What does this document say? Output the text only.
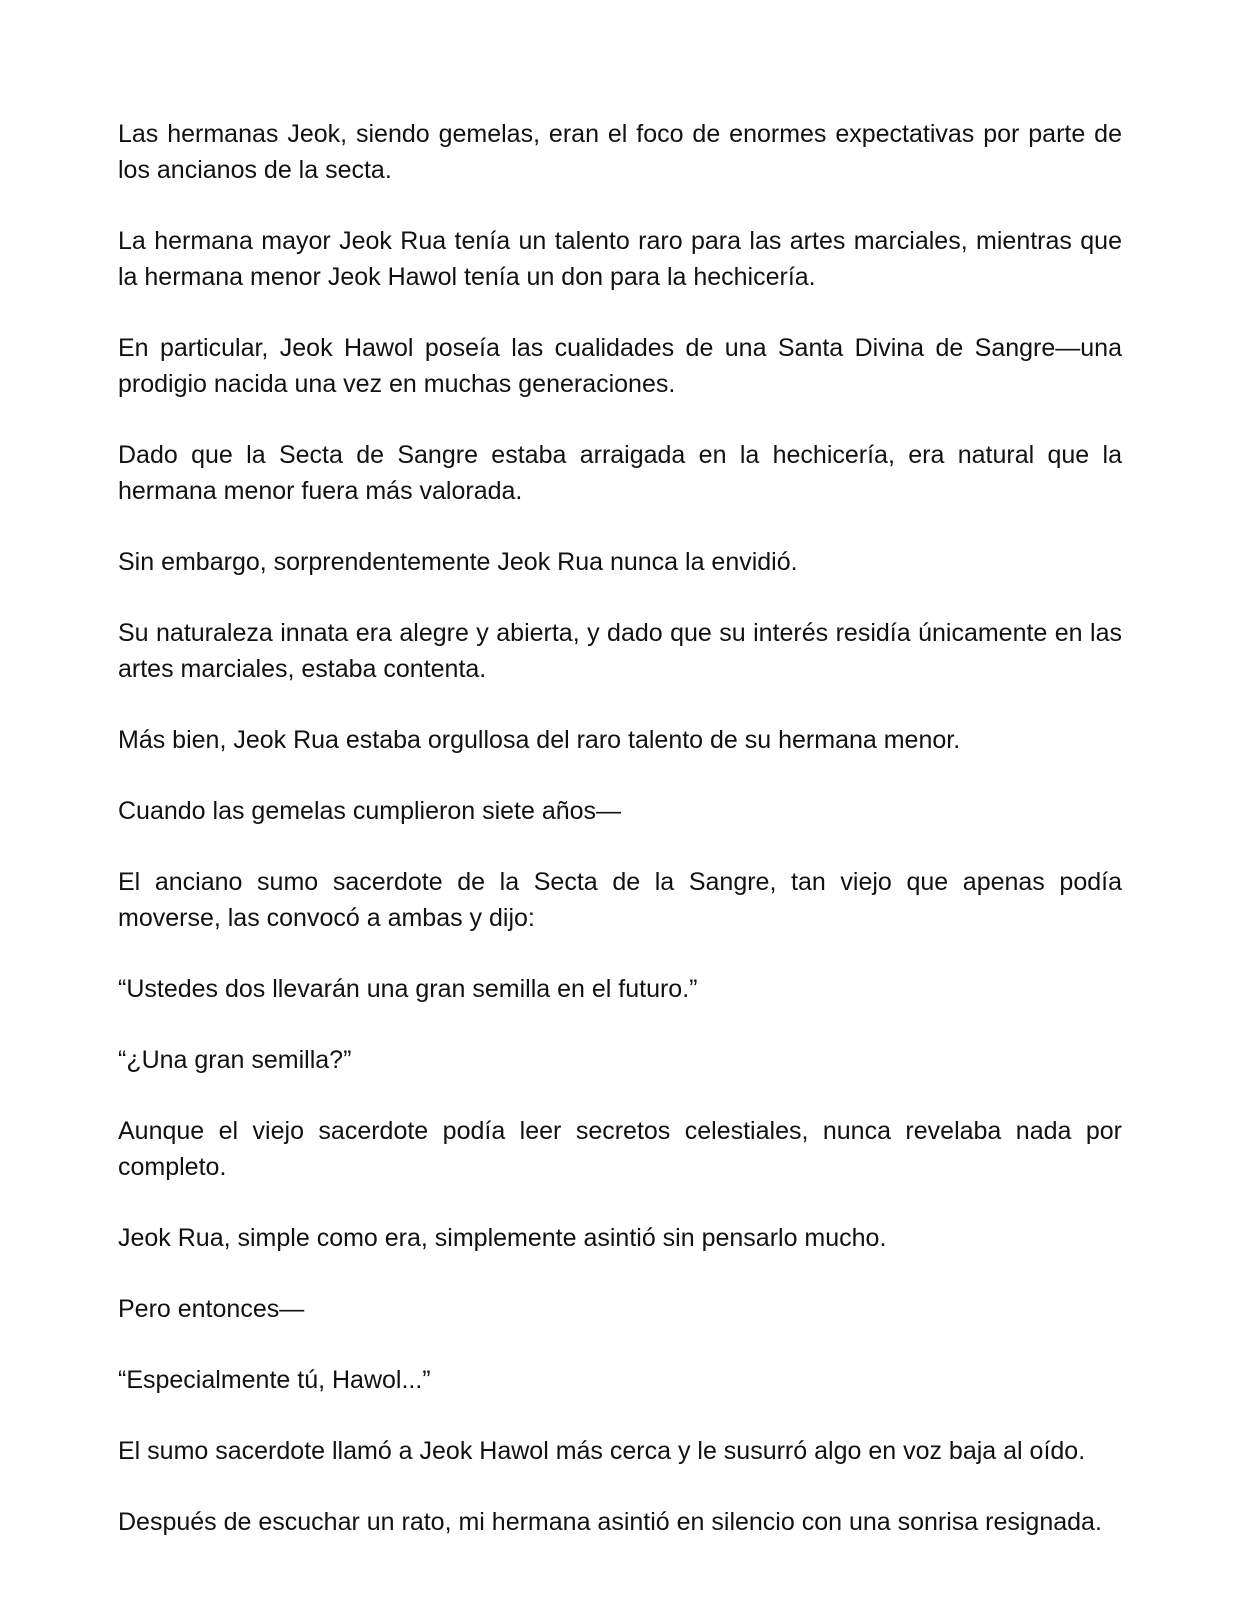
Las hermanas Jeok, siendo gemelas, eran el foco de enormes expectativas por parte de los ancianos de la secta.

La hermana mayor Jeok Rua tenía un talento raro para las artes marciales, mientras que la hermana menor Jeok Hawol tenía un don para la hechicería.

En particular, Jeok Hawol poseía las cualidades de una Santa Divina de Sangre—una prodigio nacida una vez en muchas generaciones.

Dado que la Secta de Sangre estaba arraigada en la hechicería, era natural que la hermana menor fuera más valorada.

Sin embargo, sorprendentemente Jeok Rua nunca la envidió.

Su naturaleza innata era alegre y abierta, y dado que su interés residía únicamente en las artes marciales, estaba contenta.

Más bien, Jeok Rua estaba orgullosa del raro talento de su hermana menor.

Cuando las gemelas cumplieron siete años—

El anciano sumo sacerdote de la Secta de la Sangre, tan viejo que apenas podía moverse, las convocó a ambas y dijo:

“Ustedes dos llevarán una gran semilla en el futuro.”

“¿Una gran semilla?”

Aunque el viejo sacerdote podía leer secretos celestiales, nunca revelaba nada por completo.

Jeok Rua, simple como era, simplemente asintió sin pensarlo mucho.

Pero entonces—

“Especialmente tú, Hawol...”

El sumo sacerdote llamó a Jeok Hawol más cerca y le susurró algo en voz baja al oído.

Después de escuchar un rato, mi hermana asintió en silencio con una sonrisa resignada.
